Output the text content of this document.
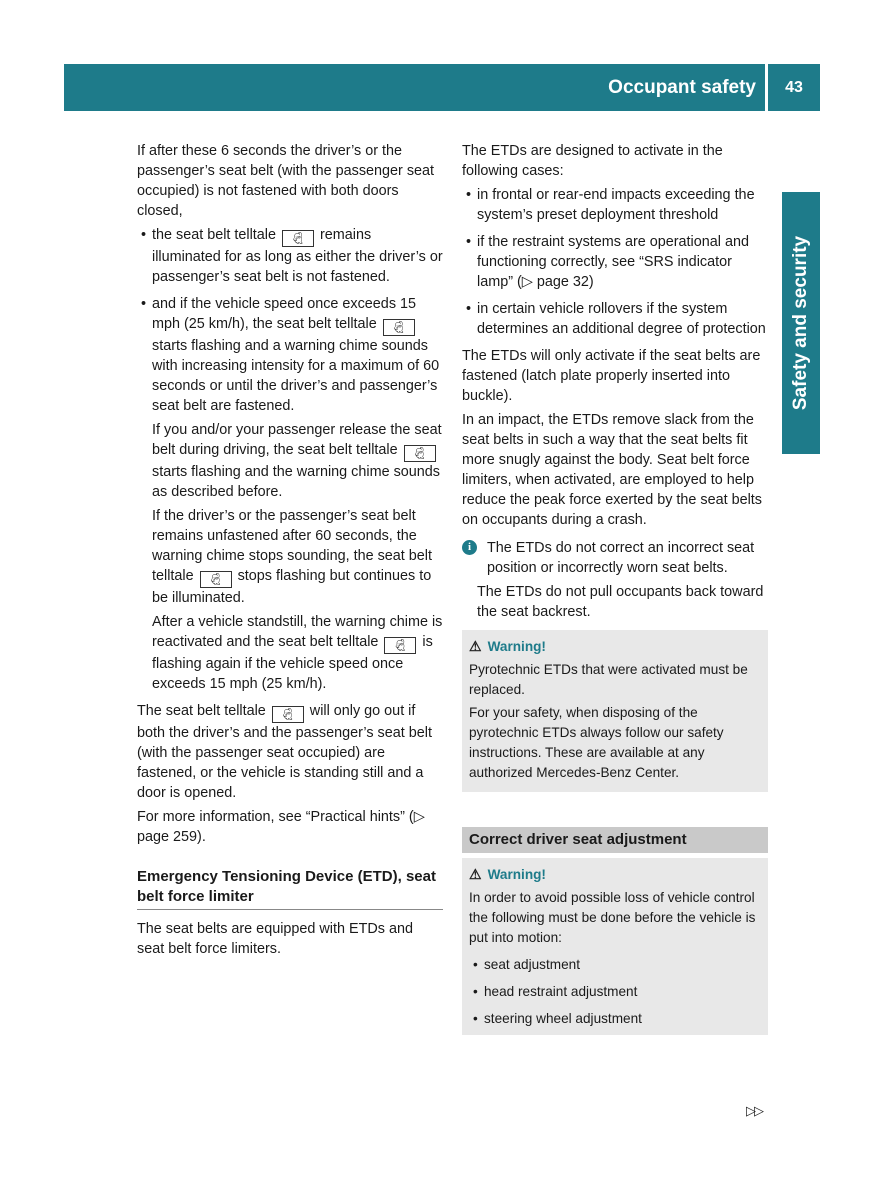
Occupant safety	43
Safety and security

If after these 6 seconds the driver’s or the passenger’s seat belt (with the passenger seat occupied) is not fastened with both doors closed,

• the seat belt telltale 🕺︎ remains illuminated for as long as either the driver’s or passenger’s seat belt is not fastened.
• and if the vehicle speed once exceeds 15 mph (25 km/h), the seat belt telltale 🕺︎ starts flashing and a warning chime sounds with increasing intensity for a maximum of 60 seconds or until the driver’s and passenger’s seat belt are fastened.

If you and/or your passenger release the seat belt during driving, the seat belt telltale 🕺︎ starts flashing and the warning chime sounds as described before.

If the driver’s or the passenger’s seat belt remains unfastened after 60 seconds, the warning chime stops sounding, the seat belt telltale 🕺︎ stops flashing but continues to be illuminated.

After a vehicle standstill, the warning chime is reactivated and the seat belt telltale 🕺︎ is flashing again if the vehicle speed once exceeds 15 mph (25 km/h).

The seat belt telltale 🕺︎ will only go out if both the driver’s and the passenger’s seat belt (with the passenger seat occupied) are fastened, or the vehicle is standing still and a door is opened.

For more information, see “Practical hints” (▷ page 259).

Emergency Tensioning Device (ETD), seat belt force limiter

The seat belts are equipped with ETDs and seat belt force limiters.

The ETDs are designed to activate in the following cases:

• in frontal or rear-end impacts exceeding the system’s preset deployment threshold
• if the restraint systems are operational and functioning correctly, see “SRS indicator lamp” (▷ page 32)
• in certain vehicle rollovers if the system determines an additional degree of protection

The ETDs will only activate if the seat belts are fastened (latch plate properly inserted into buckle).

In an impact, the ETDs remove slack from the seat belts in such a way that the seat belts fit more snugly against the body. Seat belt force limiters, when activated, are employed to help reduce the peak force exerted by the seat belts on occupants during a crash.

i	The ETDs do not correct an incorrect seat position or incorrectly worn seat belts.

The ETDs do not pull occupants back toward the seat backrest.

⚠︎ Warning!

Pyrotechnic ETDs that were activated must be replaced.

For your safety, when disposing of the pyrotechnic ETDs always follow our safety instructions. These are available at any authorized Mercedes-Benz Center.

Correct driver seat adjustment
⚠︎ Warning!

In order to avoid possible loss of vehicle control the following must be done before the vehicle is put into motion:

• seat adjustment
• head restraint adjustment
• steering wheel adjustment
▷▷
